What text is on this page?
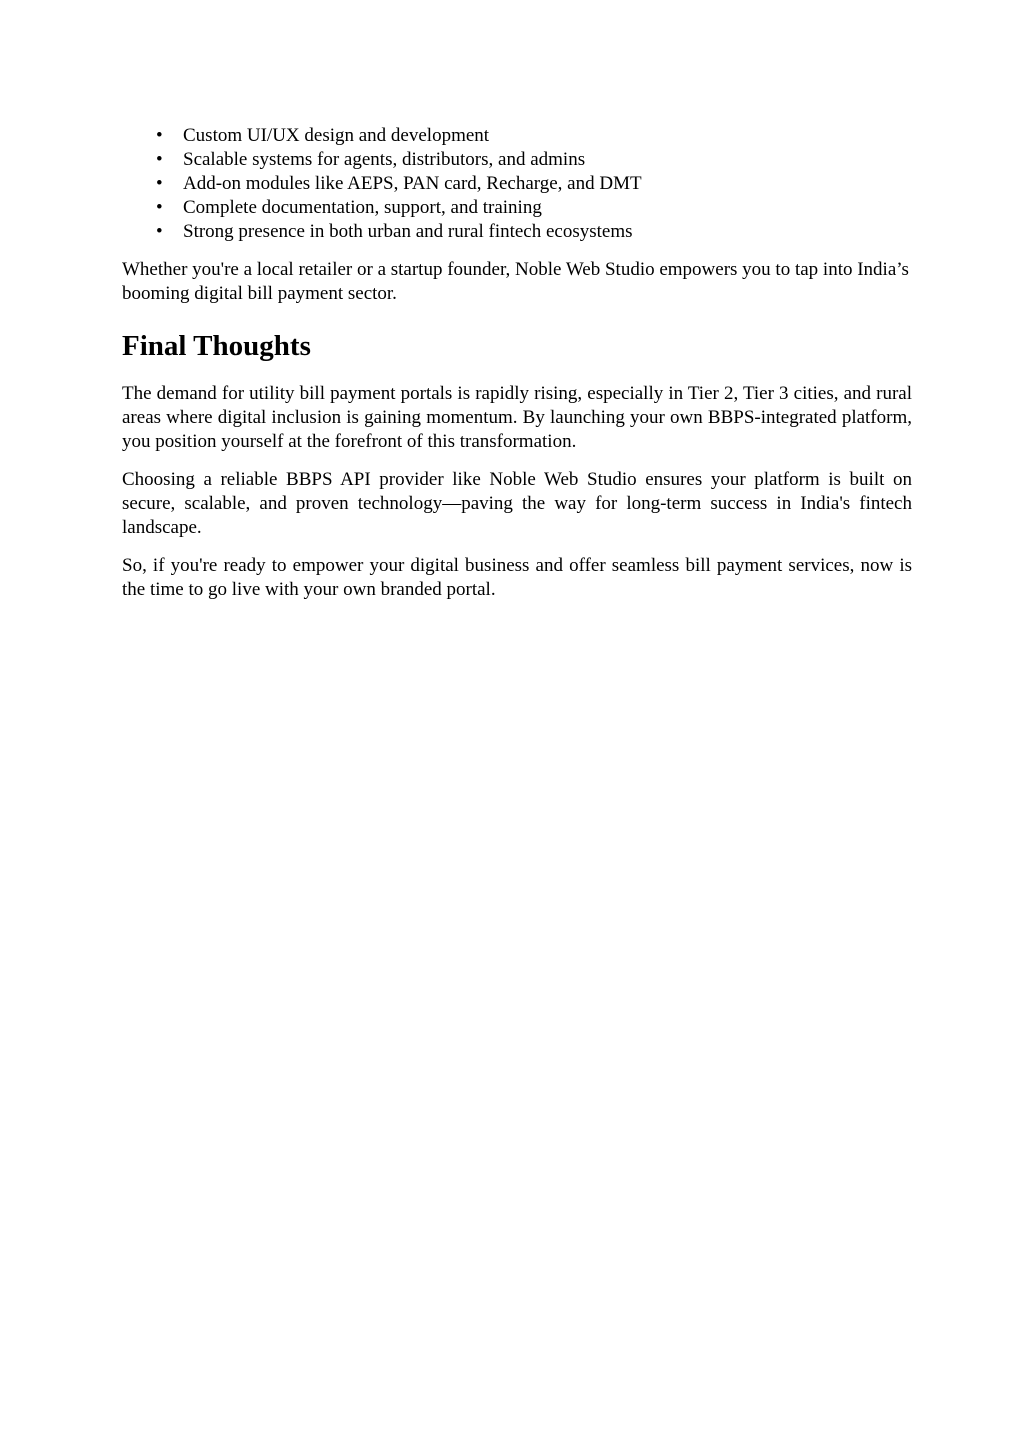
• Custom UI/UX design and development
• Scalable systems for agents, distributors, and admins
• Add-on modules like AEPS, PAN card, Recharge, and DMT
• Complete documentation, support, and training
• Strong presence in both urban and rural fintech ecosystems

Whether you're a local retailer or a startup founder, Noble Web Studio empowers you to tap into India’s booming digital bill payment sector.

Final Thoughts

The demand for utility bill payment portals is rapidly rising, especially in Tier 2, Tier 3 cities, and rural areas where digital inclusion is gaining momentum. By launching your own BBPS-integrated platform, you position yourself at the forefront of this transformation.

Choosing a reliable BBPS API provider like Noble Web Studio ensures your platform is built on secure, scalable, and proven technology—paving the way for long-term success in India's fintech landscape.

So, if you're ready to empower your digital business and offer seamless bill payment services, now is the time to go live with your own branded portal.
